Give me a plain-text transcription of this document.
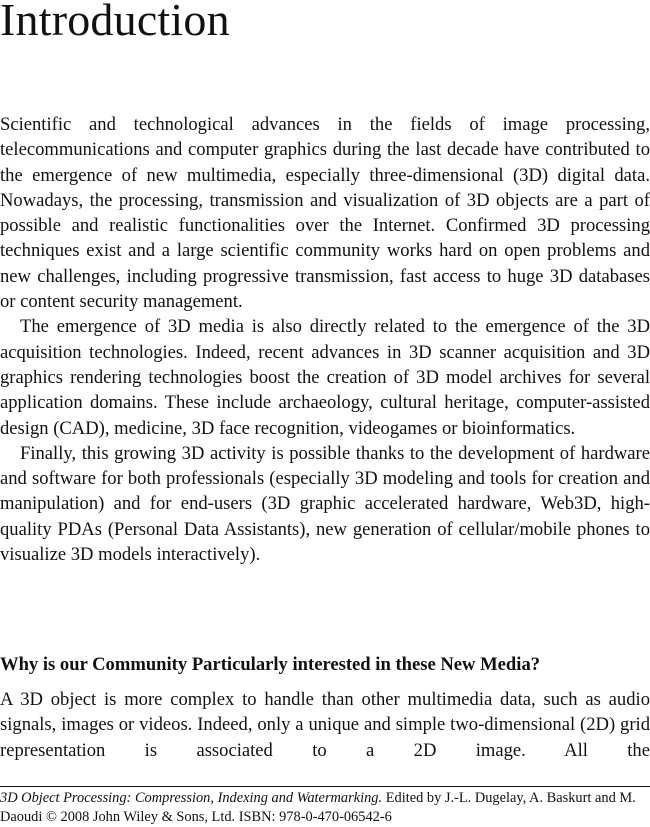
Introduction

Scientific and technological advances in the fields of image processing, telecommunications and computer graphics during the last decade have contributed to the emergence of new multimedia, especially three-dimensional (3D) digital data. Nowadays, the processing, transmission and visualization of 3D objects are a part of possible and realistic functionalities over the Internet. Confirmed 3D processing techniques exist and a large scientific community works hard on open problems and new challenges, including progressive transmission, fast access to huge 3D databases or content security management.

The emergence of 3D media is also directly related to the emergence of the 3D acquisition technologies. Indeed, recent advances in 3D scanner acquisition and 3D graphics rendering technologies boost the creation of 3D model archives for several application domains. These include archaeology, cultural heritage, computer-assisted design (CAD), medicine, 3D face recognition, videogames or bioinformatics.

Finally, this growing 3D activity is possible thanks to the development of hardware and software for both professionals (especially 3D modeling and tools for creation and manipulation) and for end-users (3D graphic accelerated hardware, Web3D, high-quality PDAs (Personal Data Assistants), new generation of cellular/mobile phones to visualize 3D models interactively).

Why is our Community Particularly interested in these New Media?

A 3D object is more complex to handle than other multimedia data, such as audio signals, images or videos. Indeed, only a unique and simple two-dimensional (2D) grid representation is associated to a 2D image. All the

3D Object Processing: Compression, Indexing and Watermarking. Edited by J.-L. Dugelay, A. Baskurt and M. Daoudi © 2008 John Wiley & Sons, Ltd. ISBN: 978-0-470-06542-6
